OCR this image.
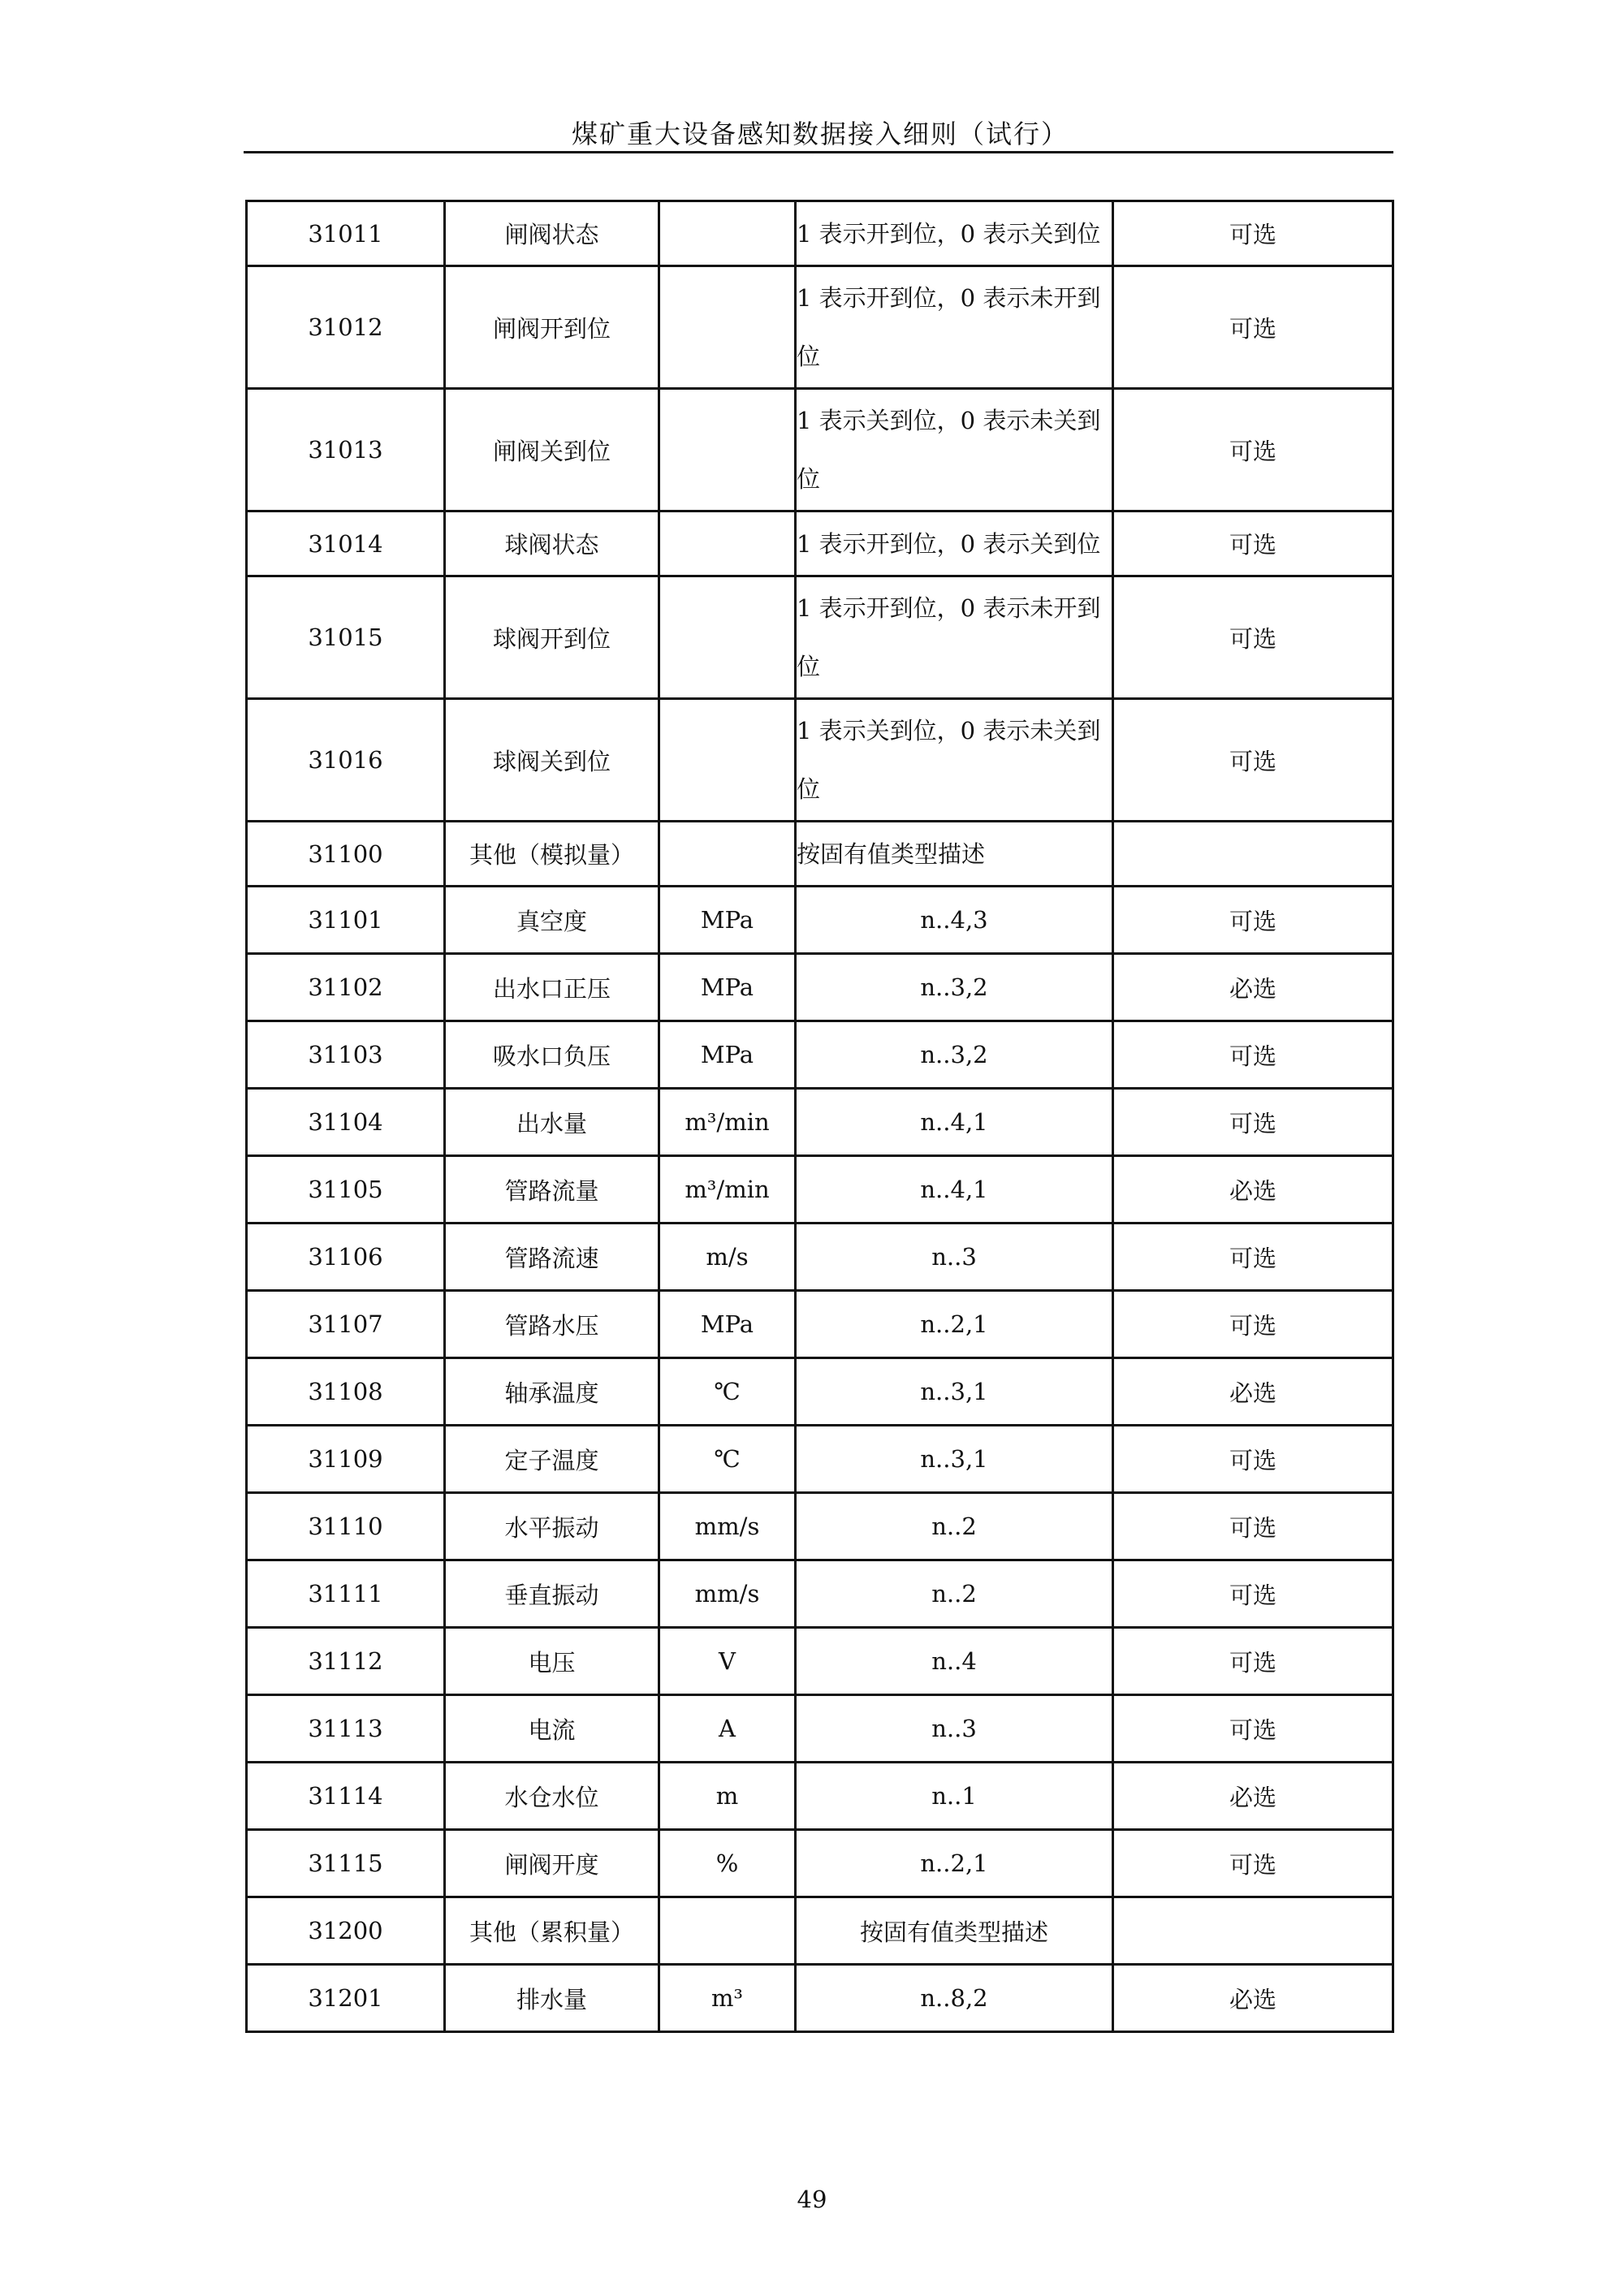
煤矿重大设备感知数据接入细则（试行）
31011	闸阀状态		1 表示开到位，0 表示关到位	可选
31012	闸阀开到位		1 表示开到位，0 表示未开到位	可选
31013	闸阀关到位		1 表示关到位，0 表示未关到位	可选
31014	球阀状态		1 表示开到位，0 表示关到位	可选
31015	球阀开到位		1 表示开到位，0 表示未开到位	可选
31016	球阀关到位		1 表示关到位，0 表示未关到位	可选
31100	其他（模拟量）		按固有值类型描述	
31101	真空度	MPa	n..4,3	可选
31102	出水口正压	MPa	n..3,2	必选
31103	吸水口负压	MPa	n..3,2	可选
31104	出水量	m³/min	n..4,1	可选
31105	管路流量	m³/min	n..4,1	必选
31106	管路流速	m/s	n..3	可选
31107	管路水压	MPa	n..2,1	可选
31108	轴承温度	℃	n..3,1	必选
31109	定子温度	℃	n..3,1	可选
31110	水平振动	mm/s	n..2	可选
31111	垂直振动	mm/s	n..2	可选
31112	电压	V	n..4	可选
31113	电流	A	n..3	可选
31114	水仓水位	m	n..1	必选
31115	闸阀开度	%	n..2,1	可选
31200	其他（累积量）		按固有值类型描述	
31201	排水量	m³	n..8,2	必选
49
